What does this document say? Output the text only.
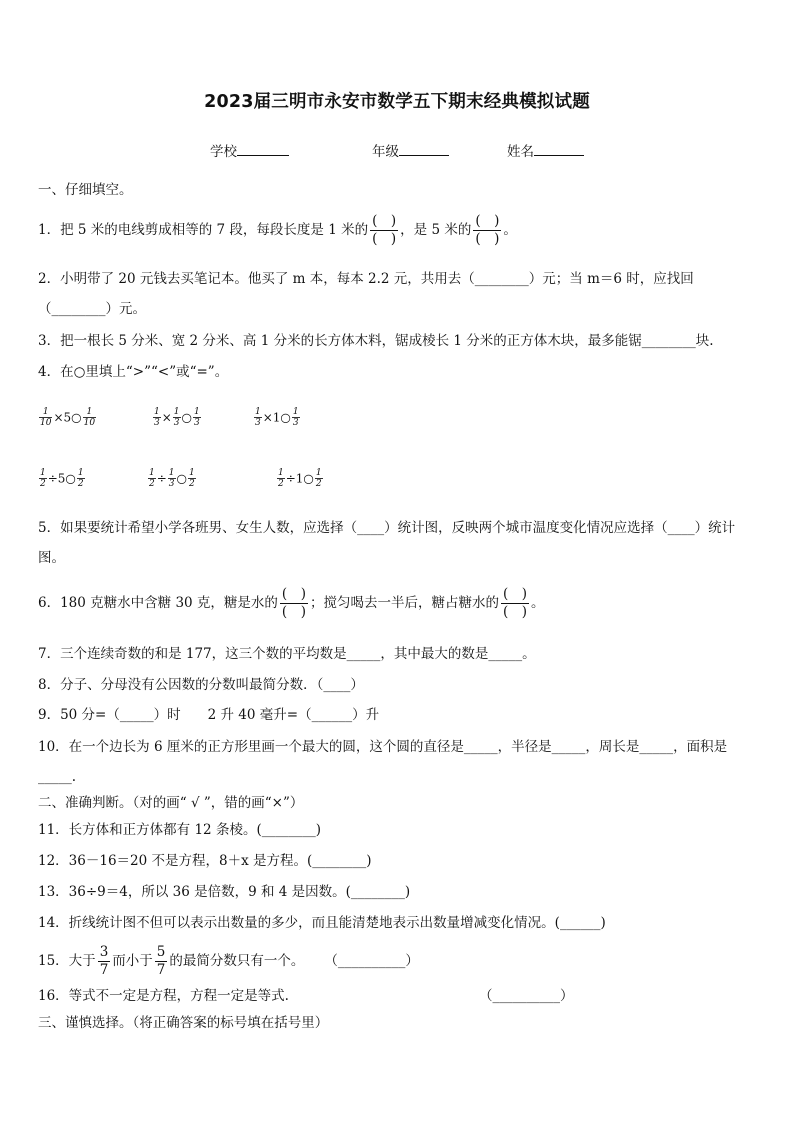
2023届三明市永安市数学五下期末经典模拟试题
学校	年级	姓名
一、仔细填空。
1．把 5 米的电线剪成相等的 7 段，每段长度是 1 米的 $\frac{( )}{( )}$ ，是 5 米的 $\frac{( )}{( )}$ 。
2．小明带了 20 元钱去买笔记本。他买了 m 本，每本 2.2 元，共用去（________）元；当 m＝6 时，应找回
（________）元。
3．把一根长 5 分米、宽 2 分米、高 1 分米的长方体木料，锯成棱长 1 分米的正方体木块，最多能锯________块.
4．在○里填上“>”“<”或“=”。
$\frac{1}{10}$ ×5○ $\frac{1}{10}$	$\frac{1}{3} \times \frac{1}{3}$ ○ $\frac{1}{3}$	$\frac{1}{3}$ ×1○ $\frac{1}{3}$
$\frac{1}{2}$ ÷5○ $\frac{1}{2}$	$\frac{1}{2} \div \frac{1}{3}$ ○ $\frac{1}{2}$	$\frac{1}{2}$ ÷1○ $\frac{1}{2}$
5．如果要统计希望小学各班男、女生人数，应选择（____）统计图，反映两个城市温度变化情况应选择（____）统计
图。
6．180 克糖水中含糖 30 克，糖是水的 $\frac{( )}{( )}$ ；搅匀喝去一半后，糖占糖水的 $\frac{( )}{( )}$ 。
7．三个连续奇数的和是 177，这三个数的平均数是_____，其中最大的数是_____。
8．分子、分母没有公因数的分数叫最简分数．（____）
9．50 分=（_____）时　　2 升 40 毫升=（______）升
10．在一个边长为 6 厘米的正方形里画一个最大的圆，这个圆的直径是_____，半径是_____，周长是_____，面积是
_____.
二、准确判断。（对的画“ √ ”，错的画“×”）
11．长方体和正方体都有 12 条棱。(________)
12．36－16＝20 不是方程，8＋x 是方程。(________)
13．36÷9＝4，所以 36 是倍数，9 和 4 是因数。(________)
14．折线统计图不但可以表示出数量的多少，而且能清楚地表示出数量增减变化情况。(______)
15．大于 $\frac{3}{7}$ 而小于 $\frac{5}{7}$ 的最简分数只有一个。 （__________）
16．等式不一定是方程，方程一定是等式.	（__________）
三、谨慎选择。（将正确答案的标号填在括号里）
